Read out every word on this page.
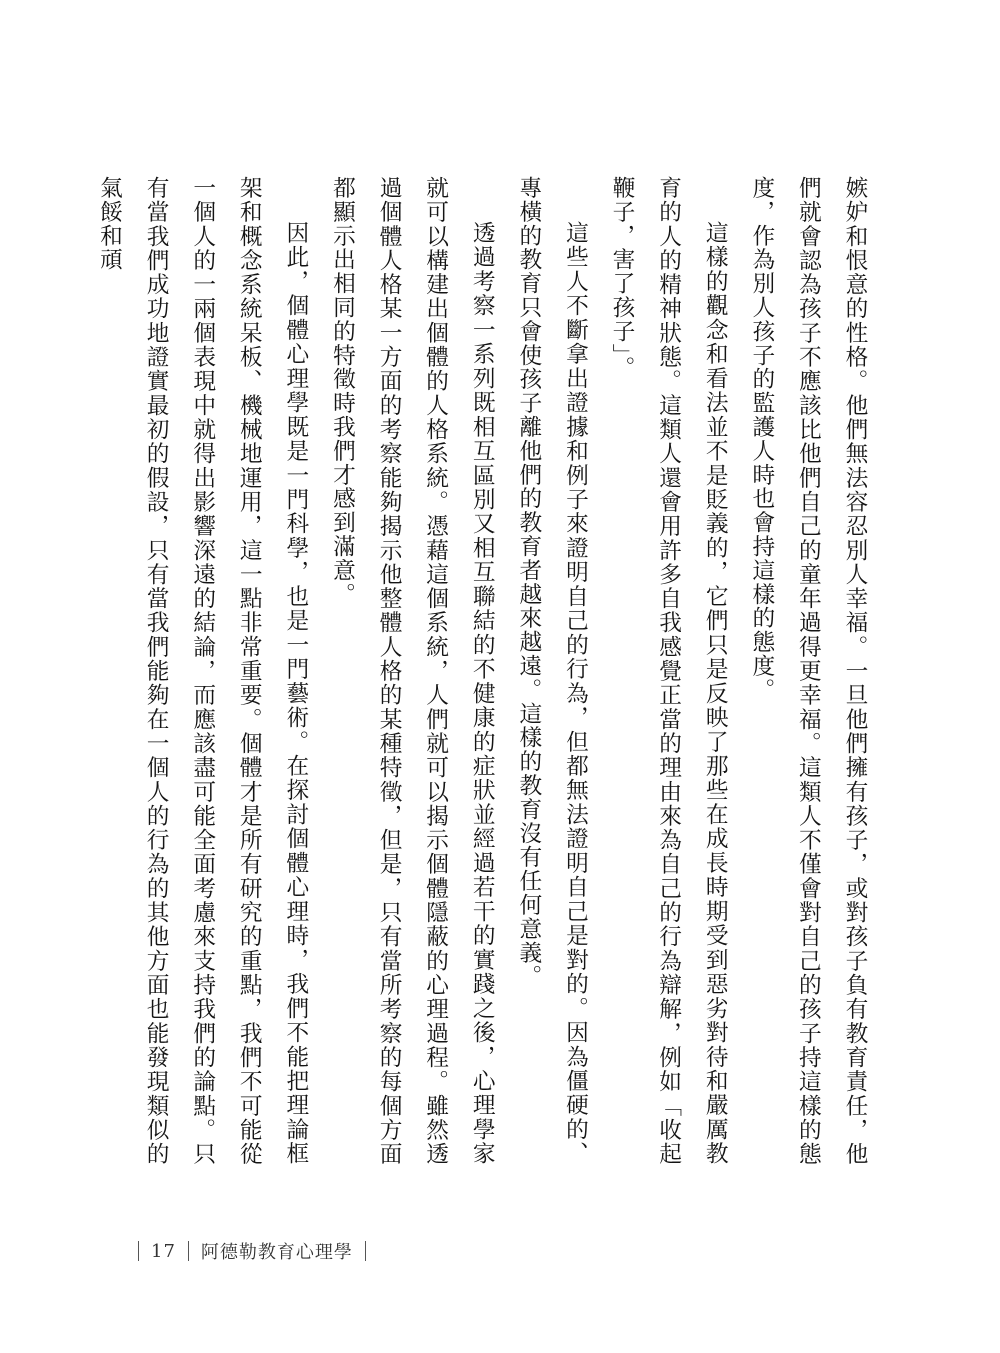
嫉妒和恨意的性格。他們無法容忍別人幸福。一旦他們擁有孩子，或對孩子負有教育責任，他們就會認為孩子不應該比他們自己的童年過得更幸福。這類人不僅會對自己的孩子持這樣的態度，作為別人孩子的監護人時也會持這樣的態度。

這樣的觀念和看法並不是貶義的，它們只是反映了那些在成長時期受到惡劣對待和嚴厲教育的人的精神狀態。這類人還會用許多自我感覺正當的理由來為自己的行為辯解，例如「收起鞭子，害了孩子」。

這些人不斷拿出證據和例子來證明自己的行為，但都無法證明自己是對的。因為僵硬的、專橫的教育只會使孩子離他們的教育者越來越遠。這樣的教育沒有任何意義。

透過考察一系列既相互區別又相互聯結的不健康的症狀並經過若干的實踐之後，心理學家就可以構建出個體的人格系統。憑藉這個系統，人們就可以揭示個體隱蔽的心理過程。雖然透過個體人格某一方面的考察能夠揭示他整體人格的某種特徵，但是，只有當所考察的每個方面都顯示出相同的特徵時我們才感到滿意。

因此，個體心理學既是一門科學，也是一門藝術。在探討個體心理時，我們不能把理論框架和概念系統呆板、機械地運用，這一點非常重要。個體才是所有研究的重點，我們不可能從一個人的一兩個表現中就得出影響深遠的結論，而應該盡可能全面考慮來支持我們的論點。只有當我們成功地證實最初的假設，只有當我們能夠在一個人的行為的其他方面也能發現類似的氣餒和頑

17 阿德勒教育心理學
